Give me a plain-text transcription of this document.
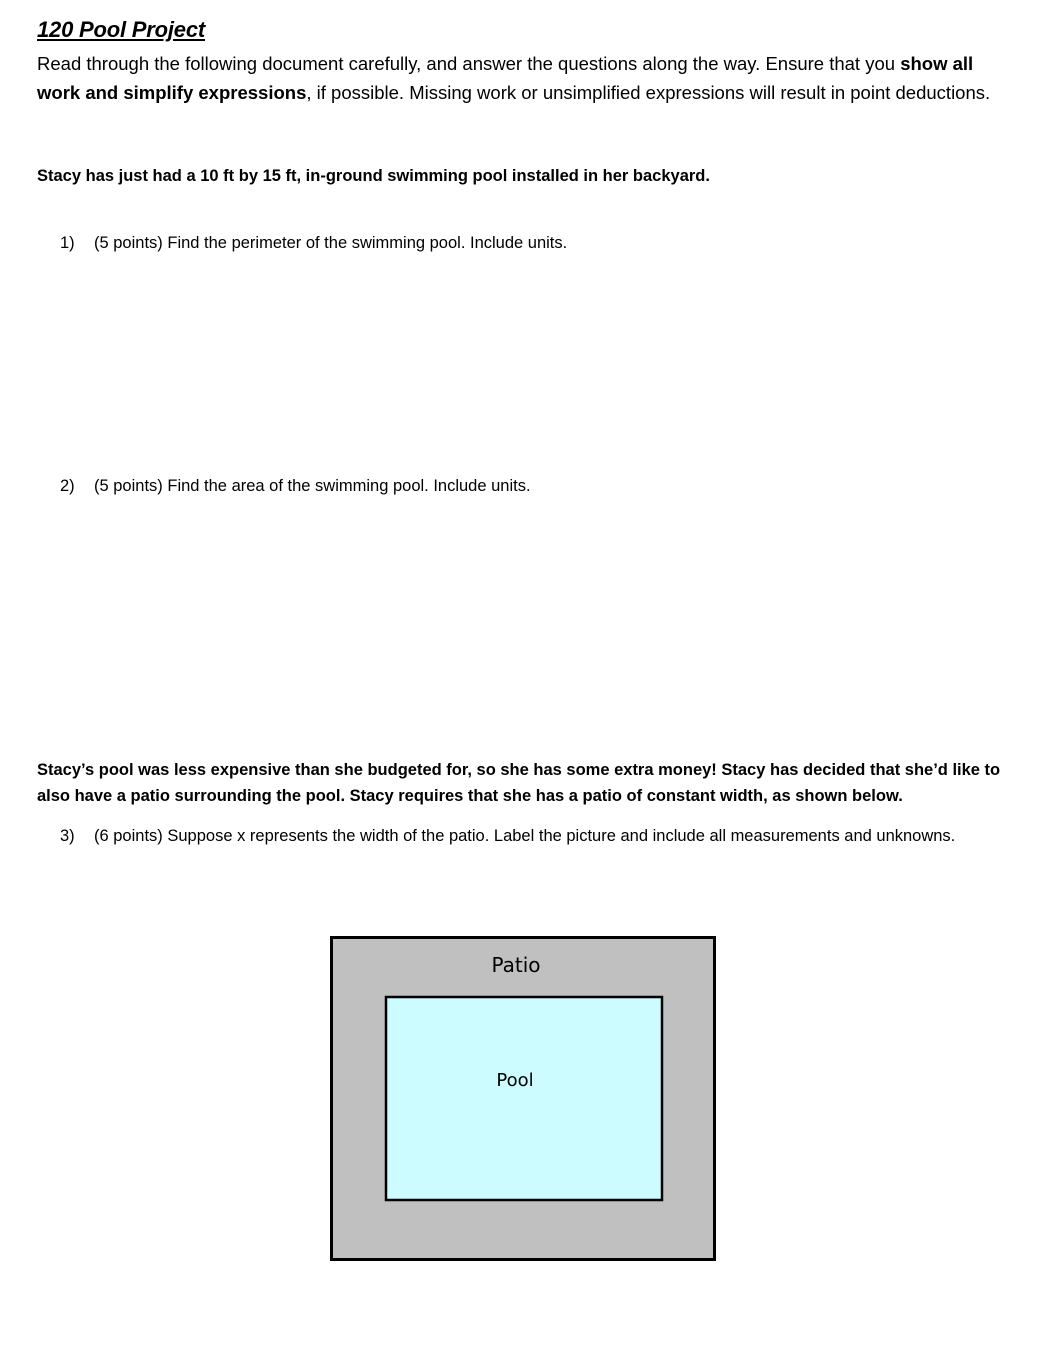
120 Pool Project
Read through the following document carefully, and answer the questions along the way. Ensure that you show all work and simplify expressions, if possible. Missing work or unsimplified expressions will result in point deductions.
Stacy has just had a 10 ft by 15 ft, in-ground swimming pool installed in her backyard.
1) (5 points) Find the perimeter of the swimming pool. Include units.
2) (5 points) Find the area of the swimming pool. Include units.
Stacy’s pool was less expensive than she budgeted for, so she has some extra money! Stacy has decided that she’d like to also have a patio surrounding the pool. Stacy requires that she has a patio of constant width, as shown below.
3) (6 points) Suppose x represents the width of the patio. Label the picture and include all measurements and unknowns.
Patio
Pool
